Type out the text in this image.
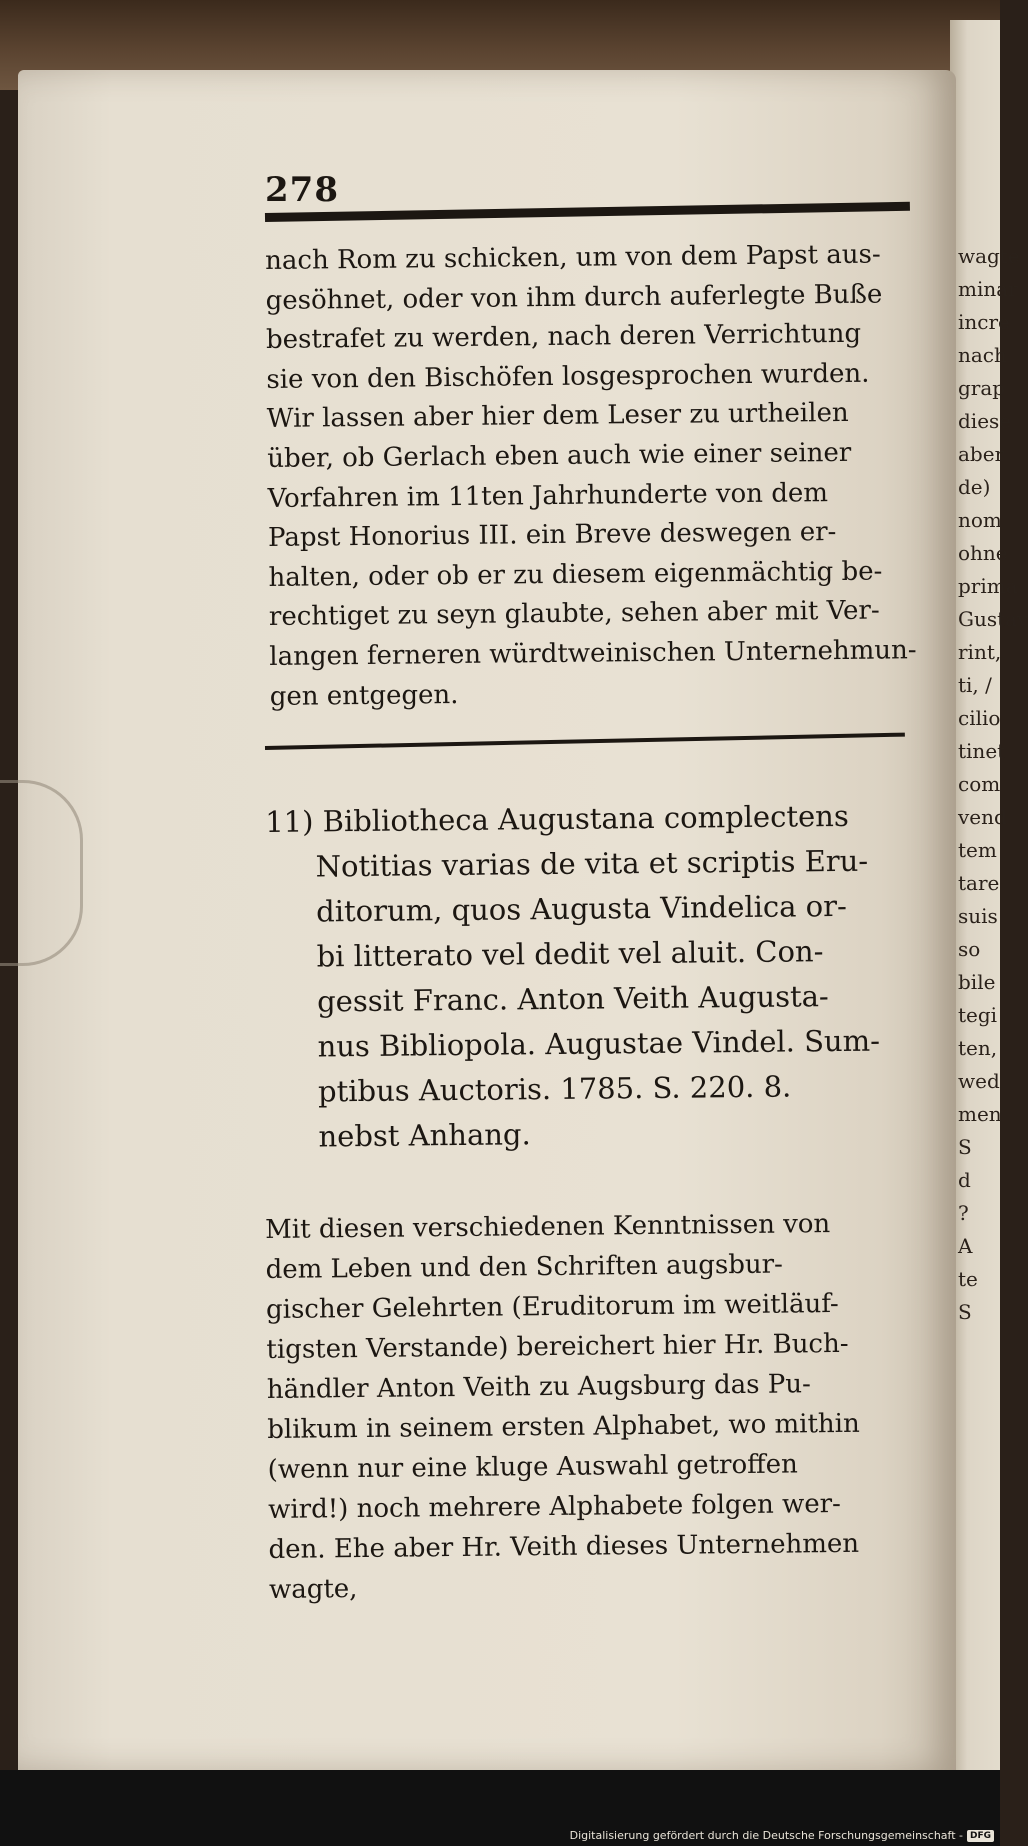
278

nach Rom zu schicken, um von dem Papst aus-
gesöhnet, oder von ihm durch auferlegte Buße
bestrafet zu werden, nach deren Verrichtung
sie von den Bischöfen losgesprochen wurden.
Wir lassen aber hier dem Leser zu urtheilen
über, ob Gerlach eben auch wie einer seiner
Vorfahren im 11ten Jahrhunderte von dem
Papst Honorius III. ein Breve deswegen er-
halten, oder ob er zu diesem eigenmächtig be-
rechtiget zu seyn glaubte, sehen aber mit Ver-
langen ferneren würdtweinischen Unternehmun-
gen entgegen.

11) Bibliotheca Augustana complectens
Notitias varias de vita et scriptis Eru-
ditorum, quos Augusta Vindelica or-
bi litterato vel dedit vel aluit. Con-
gessit Franc. Anton Veith Augusta-
nus Bibliopola. Augustae Vindel. Sum-
ptibus Auctoris. 1785. S. 220. 8.
nebst Anhang.

Mit diesen verschiedenen Kenntnissen von
dem Leben und den Schriften augsbur-
gischer Gelehrten (Eruditorum im weitläuf-
tigsten Verstande) bereichert hier Hr. Buch-
händler Anton Veith zu Augsburg das Pu-
blikum in seinem ersten Alphabet, wo mithin
(wenn nur eine kluge Auswahl getroffen
wird!) noch mehrere Alphabete folgen wer-
den. Ehe aber Hr. Veith dieses Unternehmen
wagte,

wagte
minar
incre
nach
grap
diese
aber
de)
nom
ohne
prima
Gustav
rint,
ti, /
cilio
tinet
com
vend
tem
tare
suis
so
bile
tegi
ten,
wed
men
S
d
?
A
te
S
Digitalisierung gefördert durch die Deutsche Forschungsgemeinschaft - DFG
